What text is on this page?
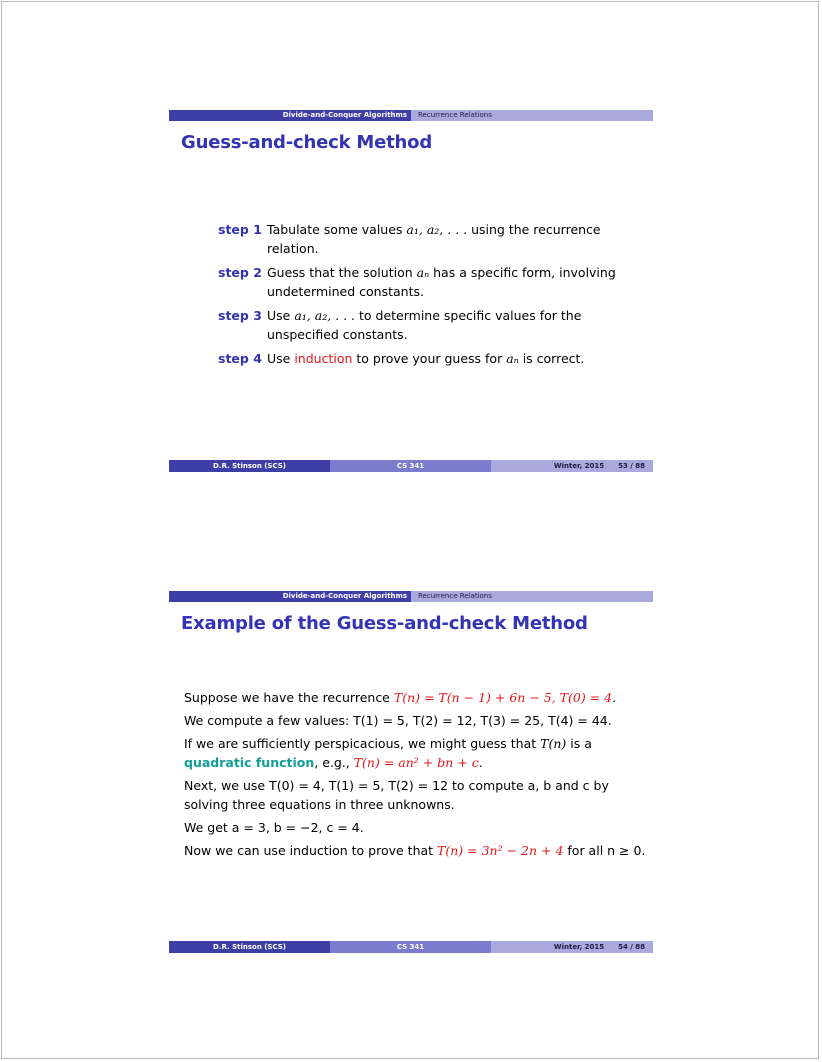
Divide-and-Conquer Algorithms	Recurrence Relations
Guess-and-check Method
step 1 Tabulate some values a₁, a₂, . . . using the recurrence relation.
step 2 Guess that the solution aₙ has a specific form, involving undetermined constants.
step 3 Use a₁, a₂, . . . to determine specific values for the unspecified constants.
step 4 Use induction to prove your guess for aₙ is correct.
D.R. Stinson (SCS)	CS 341	Winter, 2015 53 / 88
Divide-and-Conquer Algorithms	Recurrence Relations
Example of the Guess-and-check Method
Suppose we have the recurrence T(n) = T(n − 1) + 6n − 5, T(0) = 4.
We compute a few values: T(1) = 5, T(2) = 12, T(3) = 25, T(4) = 44.
If we are sufficiently perspicacious, we might guess that T(n) is a
quadratic function, e.g., T(n) = an² + bn + c.
Next, we use T(0) = 4, T(1) = 5, T(2) = 12 to compute a, b and c by solving three equations in three unknowns.
We get a = 3, b = −2, c = 4.
Now we can use induction to prove that T(n) = 3n² − 2n + 4 for all n ≥ 0.
D.R. Stinson (SCS)	CS 341	Winter, 2015 54 / 88
